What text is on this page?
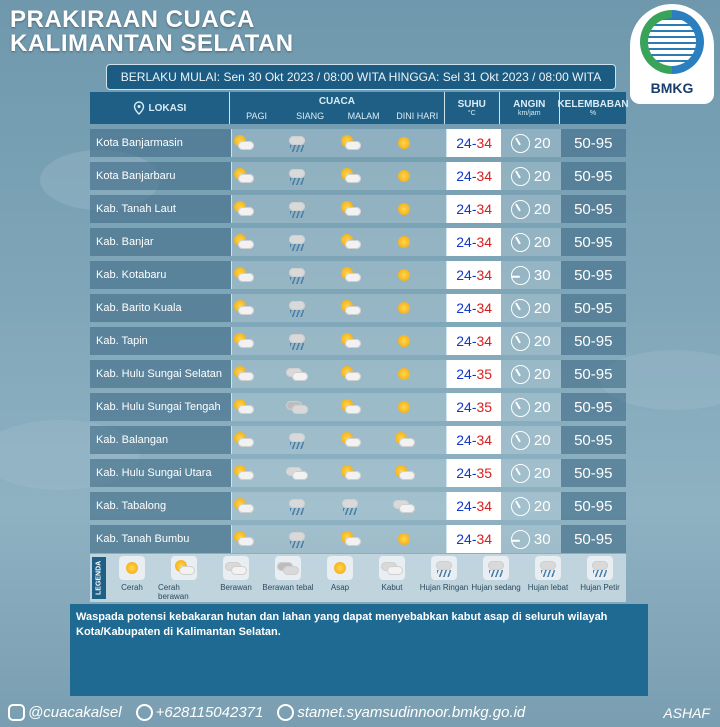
PRAKIRAAN CUACA
KALIMANTAN SELATAN
BMKG
BERLAKU MULAI: Sen 30 Okt 2023 / 08:00 WITA HINGGA: Sel 31 Okt 2023 / 08:00 WITA
LOKASI
CUACA
PAGI	SIANG	MALAM	DINI HARI
SUHU
°C
ANGIN
km/jam
KELEMBABAN
%
Kota Banjarmasin	24 - 34	20	50-95
Kota Banjarbaru	24 - 34	20	50-95
Kab. Tanah Laut	24 - 34	20	50-95
Kab. Banjar	24 - 34	20	50-95
Kab. Kotabaru	24 - 34	30	50-95
Kab. Barito Kuala	24 - 34	20	50-95
Kab. Tapin	24 - 34	20	50-95
Kab. Hulu Sungai Selatan	24 - 35	20	50-95
Kab. Hulu Sungai Tengah	24 - 35	20	50-95
Kab. Balangan	24 - 34	20	50-95
Kab. Hulu Sungai Utara	24 - 35	20	50-95
Kab. Tabalong	24 - 34	20	50-95
Kab. Tanah Bumbu	24 - 34	30	50-95
LEGENDA	Cerah Cerah berawan
Berawan Berawan tebal Asap	Kabut Hujan Ringan Hujan sedang Hujan lebat Hujan Petir
Waspada potensi kebakaran hutan dan lahan yang dapat menyebabkan kabut asap di seluruh wilayah Kota/Kabupaten di Kalimantan Selatan.
@cuacakalsel	+628115042371	stamet.syamsudinnoor.bmkg.go.id	ASHAF
